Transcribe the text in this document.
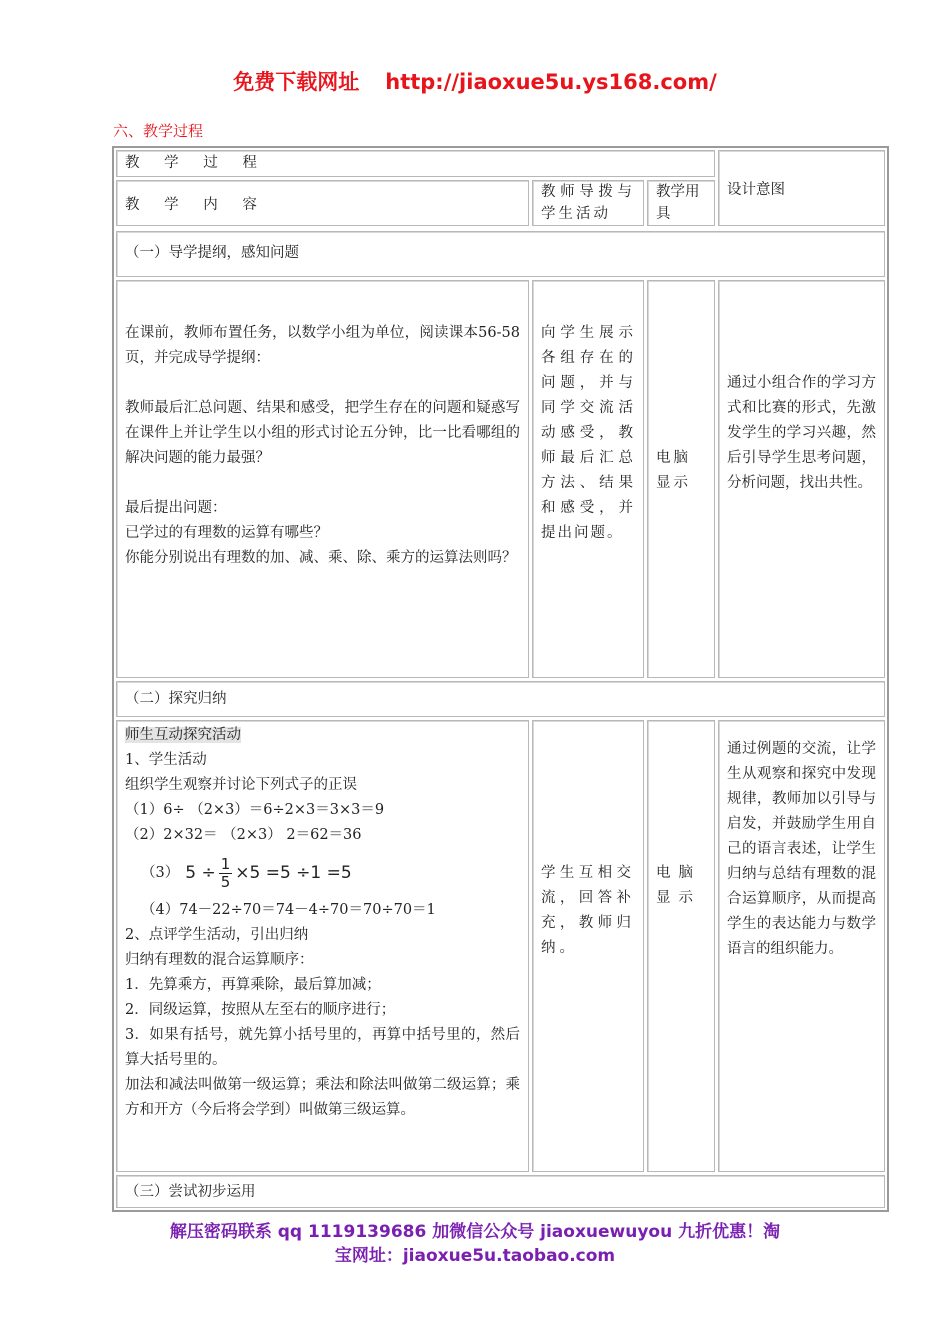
免费下载网址 http://jiaoxue5u.ys168.com/
六、教学过程
教 学 过 程
设计意图
教 学 内 容
教师导拨与学生活动
教学用具
（一）导学提纲，感知问题

在课前，教师布置任务，以数学小组为单位，阅读课本56-58页，并完成导学提纲：

教师最后汇总问题、结果和感受，把学生存在的问题和疑惑写在课件上并让学生以小组的形式讨论五分钟，比一比看哪组的解决问题的能力最强？

最后提出问题：

已学过的有理数的运算有哪些？

你能分别说出有理数的加、减、乘、除、乘方的运算法则吗？

向学生展示各组存在的问题，并与同学交流活动感受，教师最后汇总方法、结果和感受，并提出问题。
电脑显示
通过小组合作的学习方式和比赛的形式，先激发学生的学习兴趣，然后引导学生思考问题，分析问题，找出共性。
（二）探究归纳

师生互动探究活动

1、学生活动

组织学生观察并讨论下列式子的正误

（1）6÷ （2×3）＝6÷2×3＝3×3＝9

（2）2×32＝ （2×3） 2＝62＝36

（3） $5 \div \frac{1}{5} \times 5 =5 \div 1 =5$

（4）74－22÷70＝74－4÷70＝70÷70＝1

2、点评学生活动，引出归纳

归纳有理数的混合运算顺序：

1．先算乘方，再算乘除，最后算加减；

2．同级运算，按照从左至右的顺序进行；

3．如果有括号，就先算小括号里的，再算中括号里的，然后算大括号里的。

加法和减法叫做第一级运算；乘法和除法叫做第二级运算；乘方和开方（今后将会学到）叫做第三级运算。

学生互相交流，回答补充，教师归纳。
电脑显示
通过例题的交流，让学生从观察和探究中发现规律，教师加以引导与启发，并鼓励学生用自己的语言表述，让学生归纳与总结有理数的混合运算顺序，从而提高学生的表达能力与数学语言的组织能力。
（三）尝试初步运用
解压密码联系 qq 1119139686 加微信公众号 jiaoxuewuyou 九折优惠！淘
宝网址：jiaoxue5u.taobao.com
